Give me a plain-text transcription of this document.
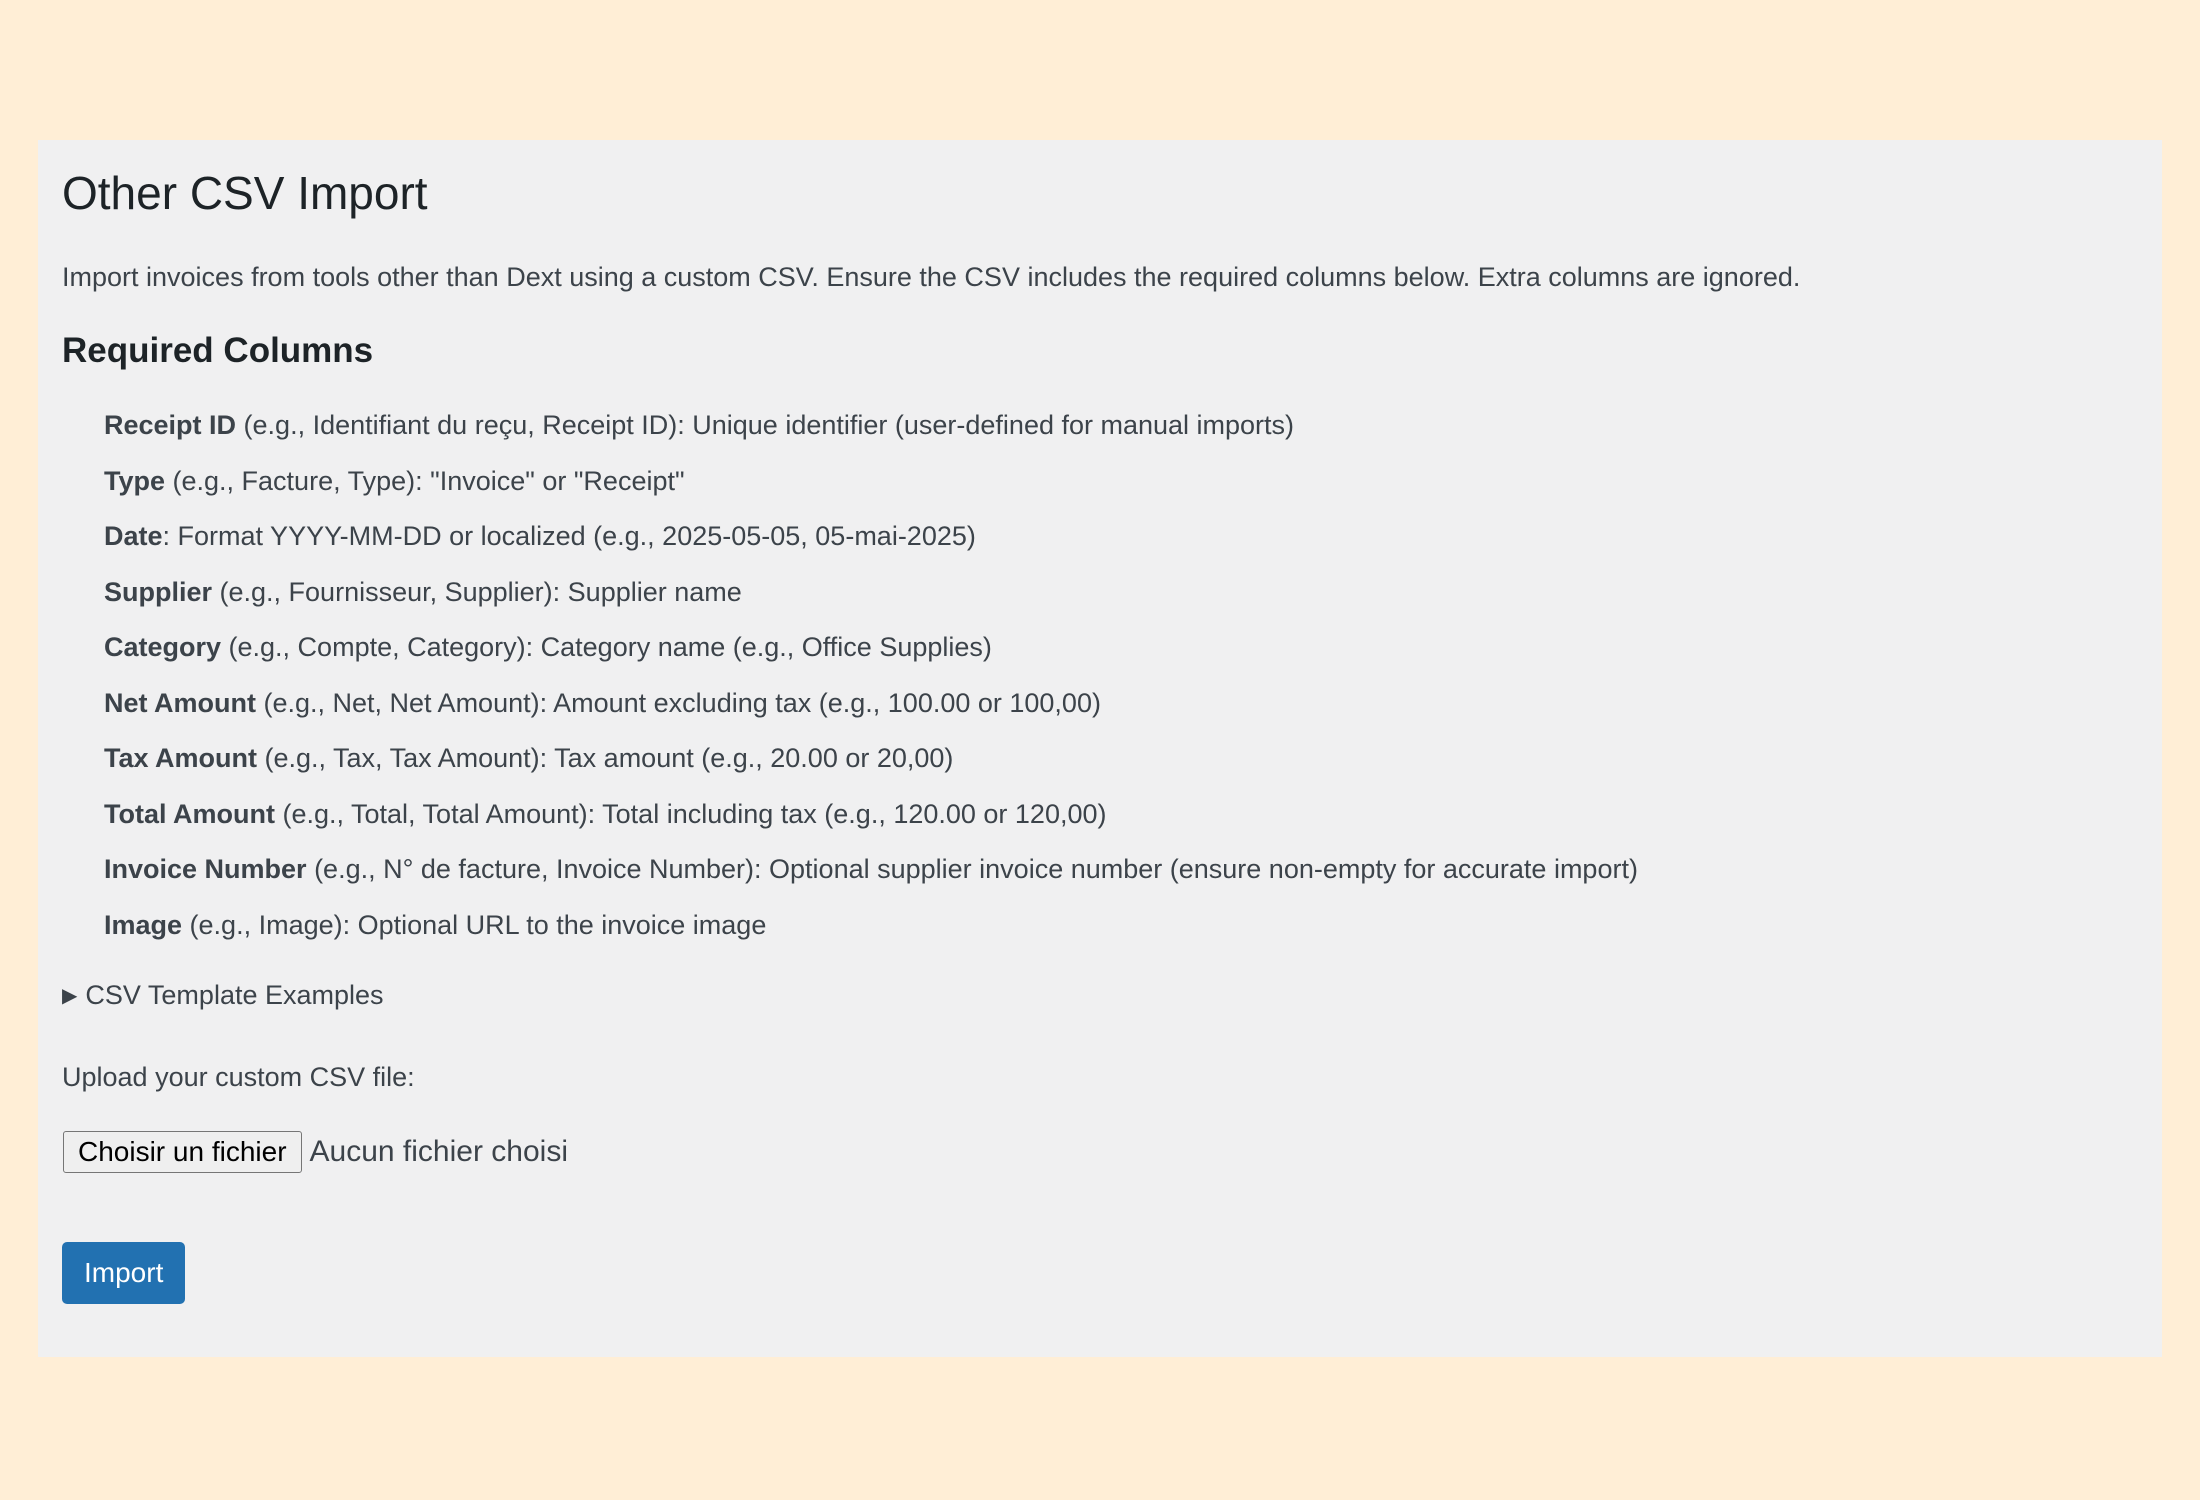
Other CSV Import

Import invoices from tools other than Dext using a custom CSV. Ensure the CSV includes the required columns below. Extra columns are ignored.

Required Columns
Receipt ID (e.g., Identifiant du reçu, Receipt ID): Unique identifier (user-defined for manual imports)
Type (e.g., Facture, Type): "Invoice" or "Receipt"
Date: Format YYYY-MM-DD or localized (e.g., 2025-05-05, 05-mai-2025)
Supplier (e.g., Fournisseur, Supplier): Supplier name
Category (e.g., Compte, Category): Category name (e.g., Office Supplies)
Net Amount (e.g., Net, Net Amount): Amount excluding tax (e.g., 100.00 or 100,00)
Tax Amount (e.g., Tax, Tax Amount): Tax amount (e.g., 20.00 or 20,00)
Total Amount (e.g., Total, Total Amount): Total including tax (e.g., 120.00 or 120,00)
Invoice Number (e.g., N° de facture, Invoice Number): Optional supplier invoice number (ensure non-empty for accurate import)
Image (e.g., Image): Optional URL to the invoice image
▶ CSV Template Examples
Upload your custom CSV file:
Choisir un fichier Aucun fichier choisi
Import
